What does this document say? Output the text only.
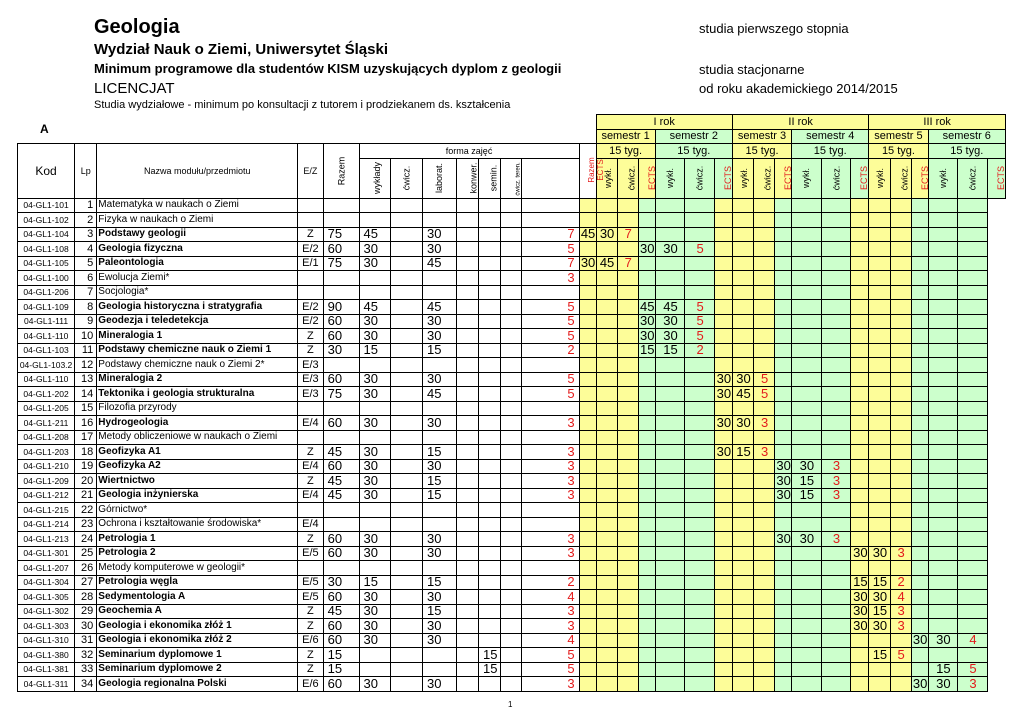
Geologia
Wydział Nauk o Ziemi, Uniwersytet Śląski
Minimum programowe dla studentów KISM uzyskujących dyplom z geologii
LICENCJAT
Studia wydziałowe - minimum po konsultacji z tutorem i prodziekanem ds. kształcenia
studia pierwszego stopnia
studia stacjonarne
od roku akademickiego 2014/2015
A
													I rok						II rok						III rok					
													semestr 1			semestr 2			semestr 3			semestr 4			semestr 5			semestr 6		
Kod	Lp	Nazwa modułu/przedmiotu	E/Z	Razem	forma zajęć							Razem ECTS	15 tyg.			15 tyg.			15 tyg.			15 tyg.			15 tyg.			15 tyg.		
					wykłady	ćwicz.	laborat.	konwer.	semin.	ćwicz. teren.			wykł.	ćwicz.	ECTS	wykł.	ćwicz.	ECTS	wykł.	ćwicz.	ECTS	wykł.	ćwicz.	ECTS	wykł.	ćwicz.	ECTS	wykł.	ćwicz.	ECTS
04-GL1-101	1	Matematyka w naukach o Ziemi																												
04-GL1-102	2	Fizyka w naukach o Ziemi																												
04-GL1-104	3	Podstawy geologii	Z	75	45		30				7	45	30	7																
04-GL1-108	4	Geologia fizyczna	E/2	60	30		30				5				30	30	5													
04-GL1-105	5	Paleontologia	E/1	75	30		45				7	30	45	7																
04-GL1-100	6	Ewolucja Ziemi*									3																			
04-GL1-206	7	Socjologia*																												
04-GL1-109	8	Geologia historyczna i stratygrafia	E/2	90	45		45				5				45	45	5													
04-GL1-111	9	Geodezja i teledetekcja	E/2	60	30		30				5				30	30	5													
04-GL1-110	10	Mineralogia 1	Z	60	30		30				5				30	30	5													
04-GL1-103	11	Podstawy chemiczne nauk o Ziemi 1	Z	30	15		15				2				15	15	2													
04-GL1-103.2	12	Podstawy chemiczne nauk o Ziemi 2*	E/3																											
04-GL1-110	13	Mineralogia 2	E/3	60	30		30				5							30	30	5										
04-GL1-202	14	Tektonika i geologia strukturalna	E/3	75	30		45				5							30	45	5										
04-GL1-205	15	Filozofia przyrody																												
04-GL1-211	16	Hydrogeologia	E/4	60	30		30				3							30	30	3										
04-GL1-208	17	Metody obliczeniowe w naukach o Ziemi																												
04-GL1-203	18	Geofizyka A1	Z	45	30		15				3							30	15	3										
04-GL1-210	19	Geofizyka A2	E/4	60	30		30				3										30	30	3							
04-GL1-209	20	Wiertnictwo	Z	45	30		15				3										30	15	3							
04-GL1-212	21	Geologia inżynierska	E/4	45	30		15				3										30	15	3							
04-GL1-215	22	Górnictwo*																												
04-GL1-214	23	Ochrona i kształtowanie środowiska*	E/4																											
04-GL1-213	24	Petrologia 1	Z	60	30		30				3										30	30	3							
04-GL1-301	25	Petrologia 2	E/5	60	30		30				3													30	30	3				
04-GL1-207	26	Metody komputerowe w geologii*																												
04-GL1-304	27	Petrologia węgla	E/5	30	15		15				2													15	15	2				
04-GL1-305	28	Sedymentologia A	E/5	60	30		30				4													30	30	4				
04-GL1-302	29	Geochemia A	Z	45	30		15				3													30	15	3				
04-GL1-303	30	Geologia i ekonomika złóż 1	Z	60	30		30				3													30	30	3				
04-GL1-310	31	Geologia i ekonomika złóż 2	E/6	60	30		30				4																30	30	4	
04-GL1-380	32	Seminarium dyplomowe 1	Z	15					15		5														15	5				
04-GL1-381	33	Seminarium dyplomowe 2	Z	15					15		5																	15	5	
04-GL1-311	34	Geologia regionalna Polski	E/6	60	30		30				3																30	30	3	
1
